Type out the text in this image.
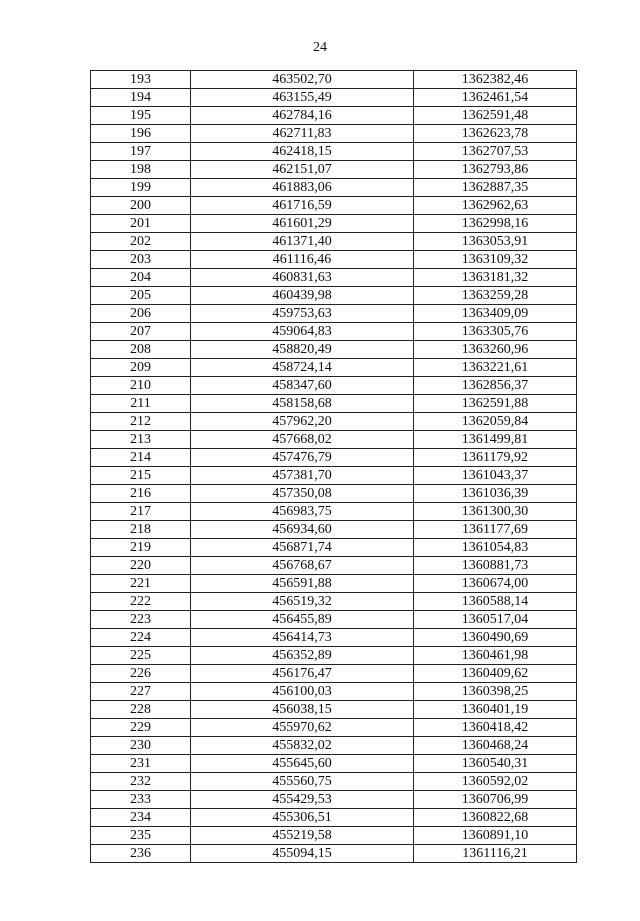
24
193	463502,70	1362382,46
194	463155,49	1362461,54
195	462784,16	1362591,48
196	462711,83	1362623,78
197	462418,15	1362707,53
198	462151,07	1362793,86
199	461883,06	1362887,35
200	461716,59	1362962,63
201	461601,29	1362998,16
202	461371,40	1363053,91
203	461116,46	1363109,32
204	460831,63	1363181,32
205	460439,98	1363259,28
206	459753,63	1363409,09
207	459064,83	1363305,76
208	458820,49	1363260,96
209	458724,14	1363221,61
210	458347,60	1362856,37
211	458158,68	1362591,88
212	457962,20	1362059,84
213	457668,02	1361499,81
214	457476,79	1361179,92
215	457381,70	1361043,37
216	457350,08	1361036,39
217	456983,75	1361300,30
218	456934,60	1361177,69
219	456871,74	1361054,83
220	456768,67	1360881,73
221	456591,88	1360674,00
222	456519,32	1360588,14
223	456455,89	1360517,04
224	456414,73	1360490,69
225	456352,89	1360461,98
226	456176,47	1360409,62
227	456100,03	1360398,25
228	456038,15	1360401,19
229	455970,62	1360418,42
230	455832,02	1360468,24
231	455645,60	1360540,31
232	455560,75	1360592,02
233	455429,53	1360706,99
234	455306,51	1360822,68
235	455219,58	1360891,10
236	455094,15	1361116,21
